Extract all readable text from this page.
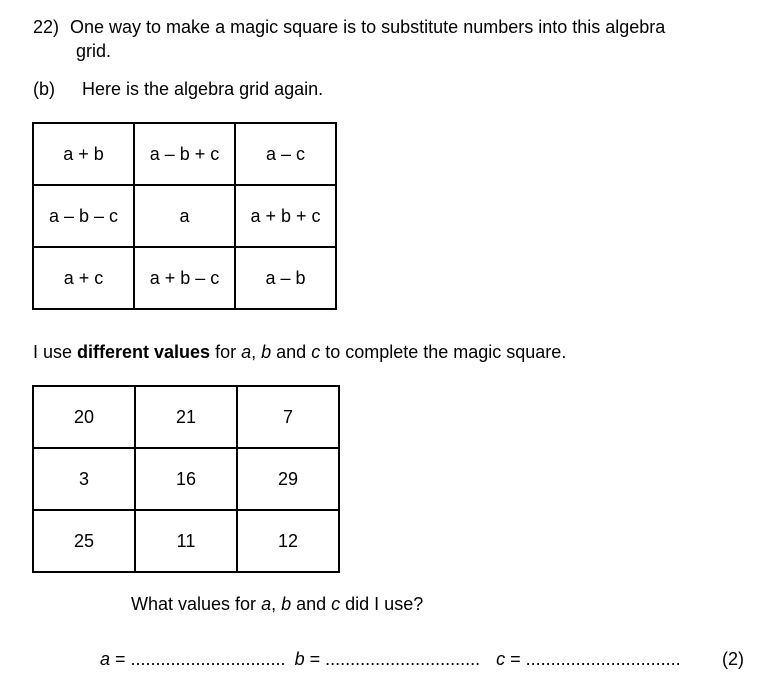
22) One way to make a magic square is to substitute numbers into this algebra
grid.
(b) Here is the algebra grid again.
a + b	a – b + c	a – c
a – b – c	a	a + b + c
a + c	a + b – c	a – b
I use different values for a, b and c to complete the magic square.
20	21	7
3	16	29
25	11	12
What values for a, b and c did I use?
a = ............................... b = ............................... c = ............................... (2)
